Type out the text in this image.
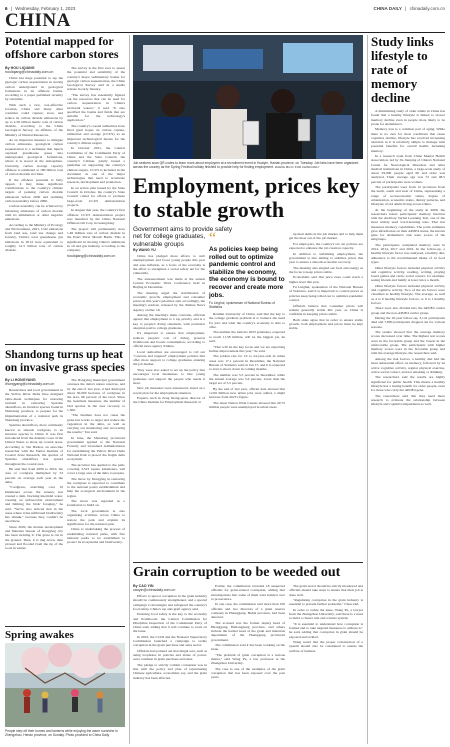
6 | Wednesday, February 1, 2023	CHINA DAILY | chinadaily.com.cn
CHINA
Potential mapped for offshore carbon stores
By HOU LIQIANG
houliqiang@chinadaily.com.cn

China has huge potential to tap the geologic carbon sequestration in storing carbon underground in geological formations in its offshore basins, according to a paper published recently by scientists.

With such a vast, cost-effective location, China and many other countries could capture, store, and reduce its carbon dioxide emissions by up to 2.58 trillion metric tons of carbon dioxide, according to the China Geological Survey, an affiliate of the Ministry of Natural Resources.

As an important measure to mitigate carbon emissions, geological carbon sequestration is a technique that injects captured greenhouse gases into underground geological formations, where it is stored in the atmosphere. Currently, carbon storage capacity offshore is estimated at 180 billion tons of carbon dioxide in China.

If the offshore potential is fully tapped, it may make significant contributions to the country's climate targets of peaking carbon dioxide emissions before 2030 and realizing carbon neutrality before 2060.

Carbon neutrality can be achieved by balancing emissions of carbon dioxide with its elimination or other negative emissions.

According to the Ministry of Ecology and Environment, 2021, CO2 emissions from land use, land use change and forestry, China's total greenhouse gas emissions in 2014 were equivalent to roughly 12.3 billion tons of carbon dioxide.

The survey is the first ever to assess the potential and suitability of the country's major sedimentary basins for geologic carbon sequestration, the China Geological Survey said in a media release in early January.

"The survey has essentially figured out the resources that can be used for carbon sequestration in China's territorial waters," it said. "It also specified the basins and fields that are suitable for the technology's application."

The country's coastal authorities have fired great hopes on carbon capture, utilization and storage (CCUS) as an important technological means for the country's climate targets.

In October 2021, the Central Committee of the Communist Party of China and the State Council, the country's Cabinet, jointly issued a guideline on supporting the country's climate targets. CCUS is included in the document as one of the major technologies that need to accelerate research, development and promotion.

In an action plan issued by the State Council in October, the country's State Council called for efforts to promote large-scale CCUS demonstration projects.

In August that year, the country's first offshore CCUS demonstration project was launched by the China National Offshore Oil Corp in Guangdong.

The project will permanently store 1.46 million tons of carbon dioxide in the Pearl River Mouth Basin. This is significant in moving China's ambitions in oil and gas industry, according to the company.

houliqiang@chinadaily.com.cn
Shandong turns up heat on invasive grass species
By LI HONGYANG
lihongyang@chinadaily.com.cn

Researchers and local governments in the Yellow River Delta have designed tailor-made techniques for restoring wetland in removing Spartina alterniflora, an invasive species found in Shandong province, to prepare for the implementation of a national park in Shandong province.

Spartina alterniflora, more commonly known as smooth cordgrass, is an invasive species to China. It was first introduced from the Atlantic coast of the United States to shore up coastal areas. According to Tan Baohai, an associate researcher with the Yantai Institute of Coastal Zone Research, the species of Spartina alterniflora has spread throughout the coastal area.

He said that from 2000 to 2019, the area of cordgrass multiplied by 53 percent on average each year in the delta.

"Cordgrass, stretching over 10 kilometers across the estuary, has created a dam, blocking intertidal water, creating an unfavorable environment and limiting the birds' foraging," he said. "We've also noticed that in the areas where it has infiltrated biodiversity has shrunk," because they couldn't be used there.

Since 2020, the marine development and fisheries bureau of Dongying city has been tackling it. The grass is cut in the ground. Then, it is dug down, then plowed and flooded from the tip of the roots in winter.

The Dongying municipal government oversees the delta's nature reserves, and by the end of last year, it had destroyed about 50,000 hectares of cordgrass in the area, 96 percent of the total. Since the treatment measures, the number of bird species in the area recovery to 1,300.

"The Institute does not cause the grass but works to target and reduce the vegetation in the delta, as well as carrying out monitoring and recovering the results," Tan said.

In June, the Shandong provincial government applied to the National Forestry and Grassland Administration for establishing the Yellow River Delta National Park to protect the fragile delta ecosystem.

The province has applied to the park, covering 3,523 square kilometers, will cover a large area of the delta to prepare.

The move by Dongying in removing the cordgrass is expected to contribute to the national park's establishment and help the ecological environment in the region.

The move was regarded as a foundation to build on.

The local government is also organizing activities across China to restore the park and explain its significance for the national park.

China is undertaking the process of establishing national parks, with five national parks to be established to protect its ecosystems and biodiversity.

Spring awakes
People step off their homes and lanterns while enjoying the warm sunshine in Zhengzhou, Henan province, on Sunday. Photo provided to China Daily
Job seekers scan QR codes to learn more about employers at a recruitment event in Huaiyin, Hainan province, on Tuesday. Job fairs have been organized across the country as the Spring Festival holiday finished to provide help for finding employment. ZHANG MUJI / FOR CHINA DAILY
Employment, prices key to stable growth
Government aims to provide safety net for college graduates, vulnerable groups
By WANG YU

China has pledged more efforts to curb unemployment and boost young people this year and ease inflation, as a focus of the economy is the effort to strengthen a social safety net for the vulnerable.

The announcement was made at the annual Central Economic Work Conference held in Beijing in December.

The meeting urged the stabilization of economic growth, employment and consumer prices in this year's priorities and, accordingly, the meeting's readout, released by the Xinhua News Agency on Dec 16.

Among the meeting's main concerns, officials agreed that employment is a top priority and is a key to people's living standards, with particular attention paid to college graduates.

It's important to ensure that employment, reduces people's cost of living, protects livelihoods and boosts consumption, according to official news agency Xinhua.

Local authorities are encouraged to roll out "concrete and targeted" employment policies that offer more support to college graduates entering the job market.

They were also asked to set up the policy that encourages local businesses to hire young graduates and support the people who needs it most.

New job measures were announced, based on a recent plan for the employment situation.

Experts, such as Zeng Xiang-quan, director of the China Institute for Employment Research at

“
As policies keep being rolled out to optimize pandemic control and stabilize the economy, the economy is bound to recover and create more jobs.
Fu Linghui, spokesman of National Bureau of Statistics

Renmin University of China, said that the key to the college graduate problem is to balance the need for jobs and what the country's economy is able to offer.

The number the nation's 2023 graduates, expected to reach 11.58 million, will be the biggest yet, he said.

"That will be the key focus and we are expecting further improvement this year," he said.

The jobless rate for 16 to 24-year-olds in urban areas was 17.1 percent in December, the National Bureau of Statistics said on Jan 17, and it is expected to start to move down in coming months.

The number was 5.5 percent in December, while the annual average was 5.6 percent, lower than the target set of 5.5 percent.

By the end of last year, official data showed that 12.06 million new urban jobs were added, a slight increase from 2021's figure.

The latest Nation Wide Census showed that 29.75 million people were unemployed in urban areas.

up their skills in the job market and to help them get the most out of the job market.

For employers, the country's tax cut policies are expected to enhance the job creation capacity.

In addition to stabilizing employment, the government is also aiming to stabilize prices this year to ensure a smooth economic recovery.

The meeting also singled out food and energy as the focus to keep prices stable.

Economists said that price rises could reach a higher level this year.

Fu Linghui, spokesman of the National Bureau of Statistics, said it is important to control prices as policies keep being rolled out to optimize pandemic control.

Officials believe that consumer prices will remain generally stable this year, as China is confident in keeping prices stable.

Both sides agree that in order to ensure stable growth, both employment and prices must be kept stable.

Grain corruption to be weeded out
By CAO YIN
caoyin@chinadaily.com.cn

Efforts to uproot corruption in the grain industry should be continuously strengthened, and a special campaign to investigate and safeguard the country's food safety, China's top anti-graft agency said.

Ensuring food safety is the key to the economy and livelihoods, the Central Commission for Discipline Inspection of the Communist Party of China said, adding that it will continue to work on the issue.

In 2022, the CCDI and the National Supervisory Commission launched a campaign to tackle corruption in the grain purchase and sales sector.

Officials had pointed out that illegal acts, such as using loopholes in policies and abuse of power, were common in grain purchase and sales.

The pledge to strictly combat corruption was in line with the policy and plan of rejuvenating Chinese agriculture, economists say, and the grain industry has been affected.

Earlier, the commission revealed 18 suspected officials for grain-related corruption, adding that investigations into some of them were handed over to prosecutors.

In one case, the commission said more than 100 officials and two directors of a grain reserve company in Huanggang, Hubei province, had been detected.

The accused was the former deputy head of Huanggang, Heilongjiang province, and others include the former head of the grain and materials department of the Huanggang provincial government.

The commission said it has been working on the issue.

"The problem of grain corruption is a serious matter," said Wang Yu, a law professor at the Zhengzhou University.

The case is one of the examples of the grain corruption that has been exposed over the past years.

The grain sector should be strictly monitored and officials should take steps to ensure that their job is done well.

"Regulating corruption in the grain industry is essential to prevent further problems," Chen said.

In order to tackle the issue, Wang Yu, a lawyer from the Zhengzhou University, said there is a need to build a clearer rule and a better system.

"It is essential to understand how corruption is formed and to take targeted measures to address it," he said, adding that corruption in grain should be exposed and tackled.

Wang noted that the proper construction of a system should also be considered to ensure the welfare of farmers.

Study links lifestyle to rate of memory decline

A diminishing study of older adults in China has found that a healthy lifestyle is linked to slower memory decline even in people more likely to be prone for Alzheimer's.

Memory loss is a common part of aging. While there is no cure for most conditions that cause cognitive decline, lifestyle has received increasing attention as it is relatively simple to manage with potential benefits for overall health, including memory.

In a research team from China Mental Health Association, led by Jia Jianping of China's National Center for Neurological Disorders and other medical institutions in China, a large-scale study of about 29,000 people aged 60 and older was analyzed. Their average age was 72 and 48.5 percent of participants were women.

The participants were from 12 provinces from the north, south and west of China, representing a range of socioeconomic status, degree of urbanization, economic status, dietary patterns, and lifestyles of old adults living across China.

At the beginning of the study in 2009, the researchers tested participants' memory function with the Auditory Verbal Learning Test, one of the most widely used word-learning tests. That test measures memory capabilities. The point estimates gave information on their APOE4 status, the known gene for Alzheimer's risk were scores of the subgroups.

The participants completed memory tests in 2012, 2014, 2017 and 2019. In the follow-up, a healthy lifestyle factor was analyzed, a healthy diet, adherence to the recommended intake of 12 food types.

Other lifestyle factors included physical activity and cognitive activity, reading, writing, playing board games and cards; social contact, for example, seeing friends and family at least twice a month.

Other lifestyle factors included physical activity and cognitive activity. Two of the six factors were classified as healthy lifestyle. The average, as well as 4 to 6 healthy lifestyle factors; or 0 to 1 healthy factors.

There were also divided into the APOE4 carrier group and the non-APOE4 carrier group.

During the 10-year follow-up, 3,141 participants died and 7,800 participants dropped out for various reasons.

The results showed that the average memory scores decreased over time. The highest test scores were in the favorable group and the lowest in the unfavorable group. The participants with higher memory scores were in the favorable group and with the average lifestyle, the researchers said.

Among the risk factors, a healthy diet had the most substantial effect on memory, followed by an active cognitive activity, regular physical exercise, active social contact, and not smoking or drinking.

The researchers said the results are highly significant for public health. This means a healthy lifestyle has a lasting benefit for older people, even for those who carry the APOE4 gene.

The researchers said that they need more research to evaluate the relationship between lifestyle and cognitive impairment as well.
